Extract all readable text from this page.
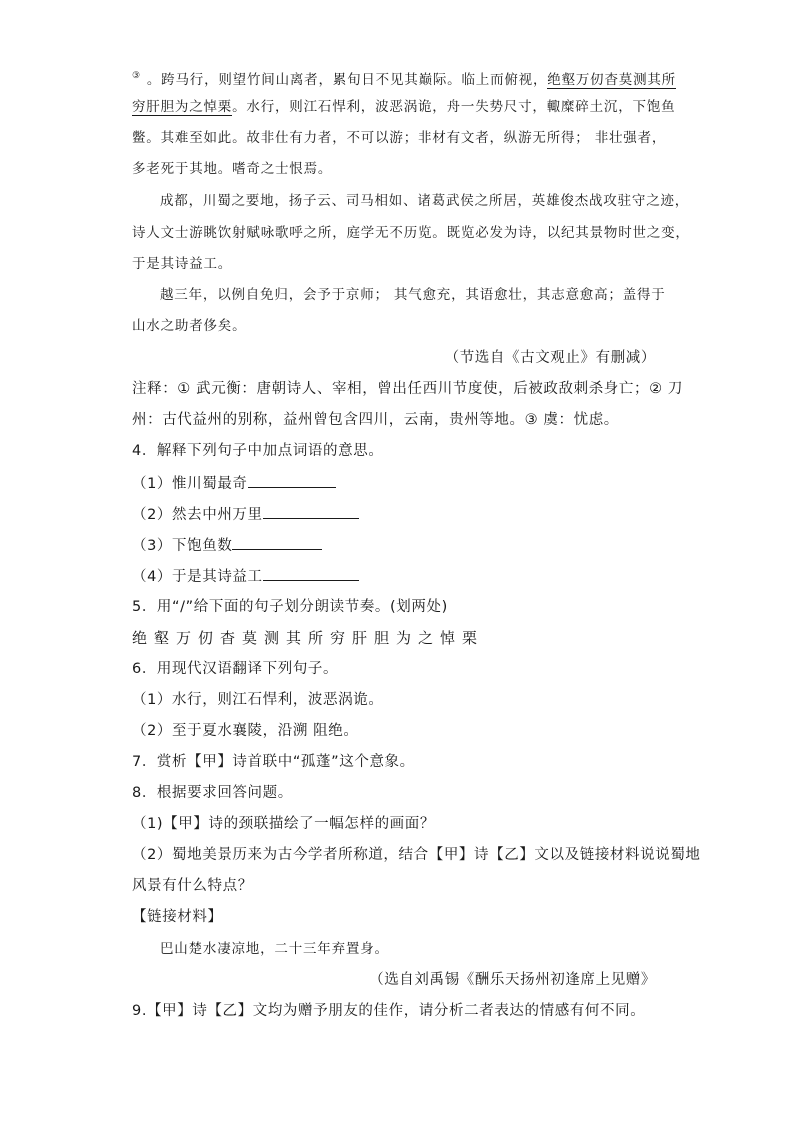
③ 。跨马行，则望竹间山离者，累旬日不见其巅际。临上而俯视，绝壑万仞杳莫测其所
穷肝胆为之悼栗。水行，则江石悍利，波恶涡诡，舟一失势尺寸，輙糜碎土沉，下饱鱼
鳖。其难至如此。故非仕有力者，不可以游；非材有文者，纵游无所得； 非壮强者，
多老死于其地。嗜奇之士恨焉。
成都，川蜀之要地，扬子云、司马相如、诸葛武侯之所居，英雄俊杰战攻驻守之迹，
诗人文士游眺饮射赋咏歌呼之所，庭学无不历览。既览必发为诗，以纪其景物时世之变，
于是其诗益工。
越三年，以例自免归，会予于京师； 其气愈充，其语愈壮，其志意愈高；盖得于
山水之助者侈矣。
（节选自《古文观止》有删减）
注释：① 武元衡：唐朝诗人、宰相，曾出任西川节度使，后被政敌刺杀身亡；② 刀
州：古代益州的别称，益州曾包含四川，云南，贵州等地。③ 虞：忧虑。
4．解释下列句子中加点词语的意思。
（1）惟川蜀最奇
（2）然去中州万里
（3）下饱鱼数
（4）于是其诗益工
5．用“/”给下面的句子划分朗读节奏。(划两处)
绝壑万仞杳莫测其所穷肝胆为之悼栗
6．用现代汉语翻译下列句子。
（1）水行，则江石悍利，波恶涡诡。
（2）至于夏水襄陵，沿溯 阻绝。
7．赏析【甲】诗首联中“孤蓬”这个意象。
8．根据要求回答问题。
（1)【甲】诗的颈联描绘了一幅怎样的画面？
（2）蜀地美景历来为古今学者所称道，结合【甲】诗【乙】文以及链接材料说说蜀地
风景有什么特点？
【链接材料】
巴山楚水凄凉地，二十三年弃置身。
（选自刘禹锡《酬乐天扬州初逢席上见赠》
9.【甲】诗【乙】文均为赠予朋友的佳作，请分析二者表达的情感有何不同。
